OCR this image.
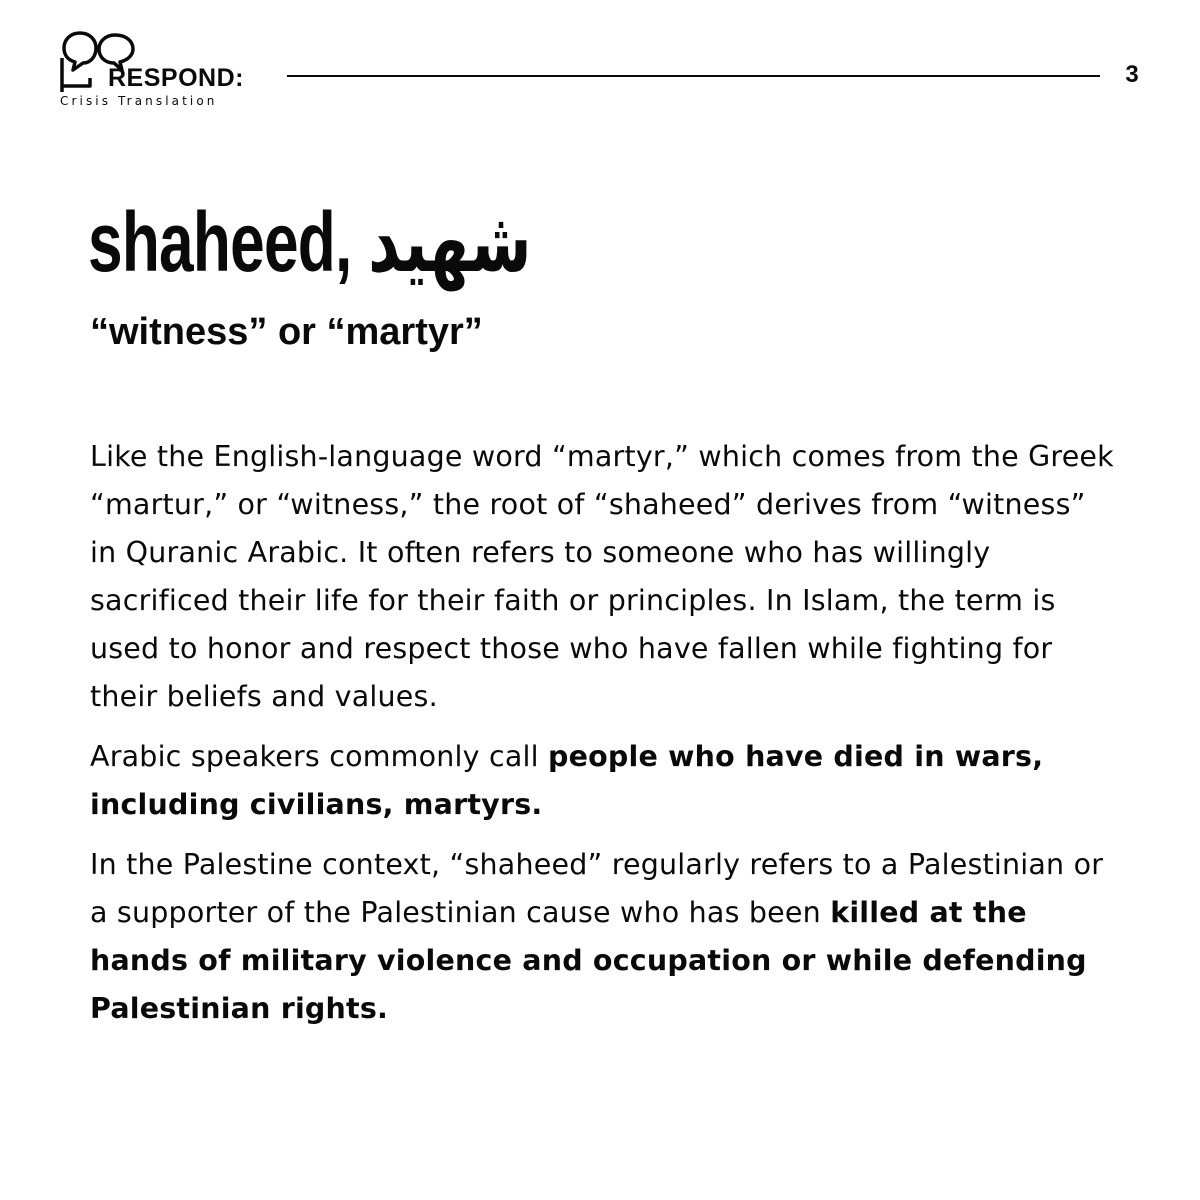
RESPOND:
Crisis Translation
3
shaheed, شهيد
“witness” or “martyr”

Like the English-language word “martyr,” which comes from the Greek “martur,” or “witness,” the root of “shaheed” derives from “witness” in Quranic Arabic. It often refers to someone who has willingly sacrificed their life for their faith or principles. In Islam, the term is used to honor and respect those who have fallen while fighting for their beliefs and values.

Arabic speakers commonly call people who have died in wars, including civilians, martyrs.

In the Palestine context, “shaheed” regularly refers to a Palestinian or a supporter of the Palestinian cause who has been killed at the hands of military violence and occupation or while defending Palestinian rights.
